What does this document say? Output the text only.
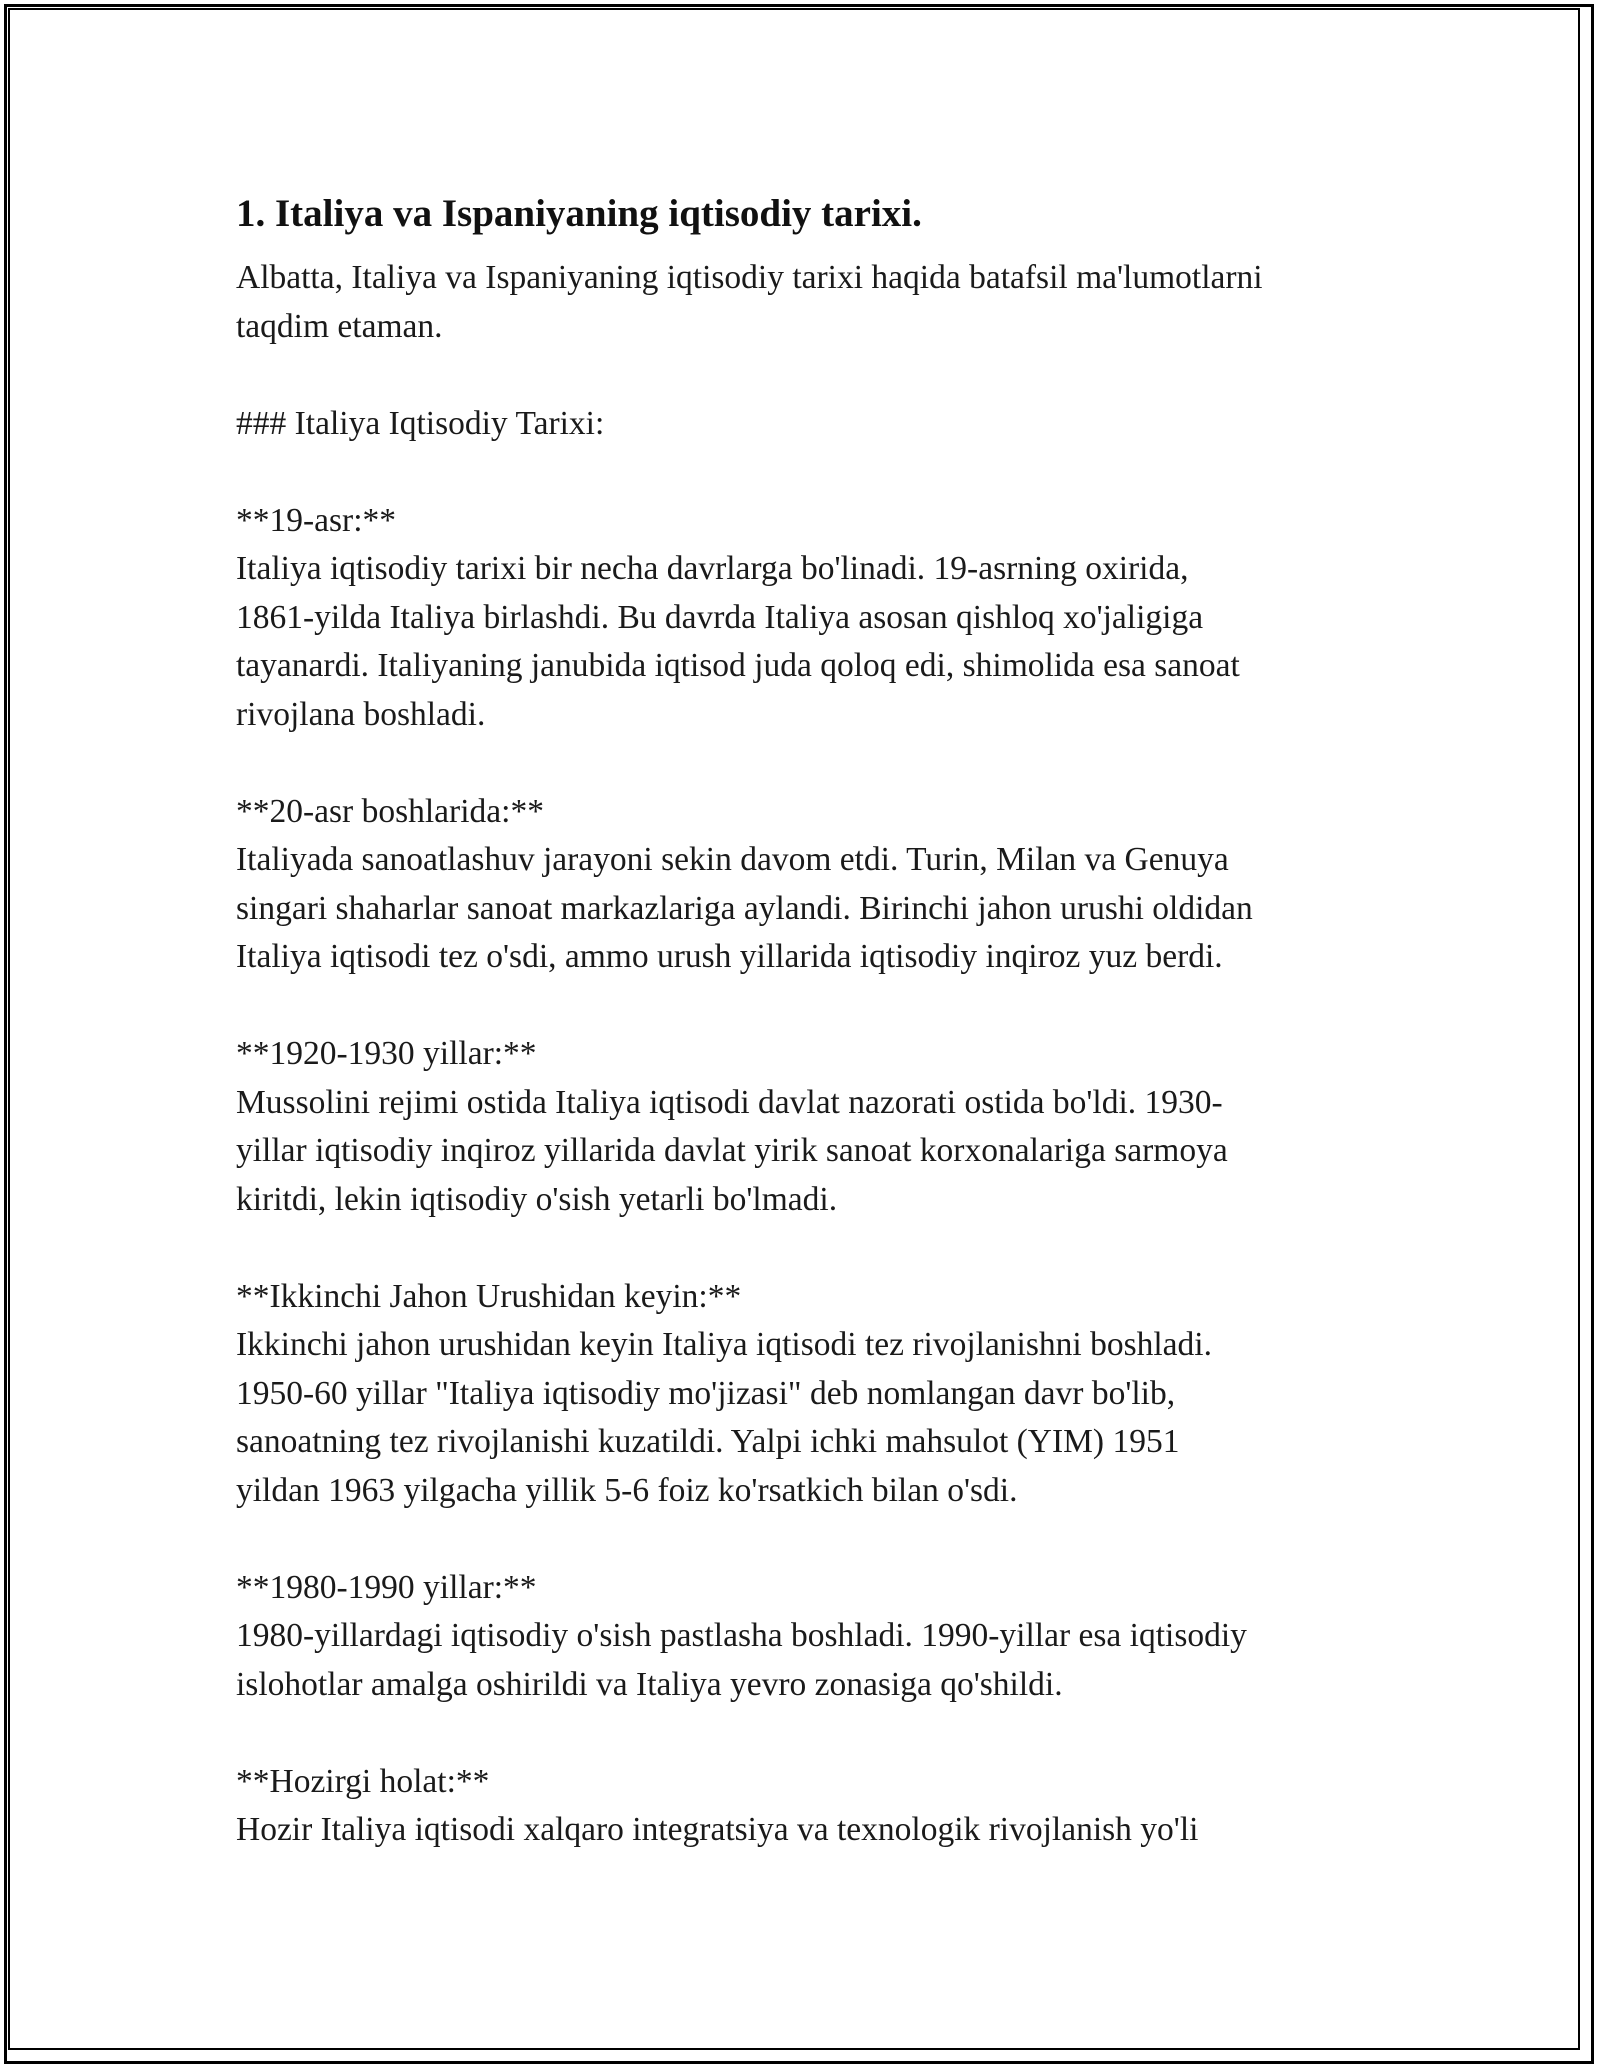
1. Italiya va Ispaniyaning iqtisodiy tarixi.
Albatta, Italiya va Ispaniyaning iqtisodiy tarixi haqida batafsil ma'lumotlarni
taqdim etaman.
### Italiya Iqtisodiy Tarixi:
**19-asr:**
Italiya iqtisodiy tarixi bir necha davrlarga bo'linadi. 19-asrning oxirida,
1861-yilda Italiya birlashdi. Bu davrda Italiya asosan qishloq xo'jaligiga
tayanardi. Italiyaning janubida iqtisod juda qoloq edi, shimolida esa sanoat
rivojlana boshladi.
**20-asr boshlarida:**
Italiyada sanoatlashuv jarayoni sekin davom etdi. Turin, Milan va Genuya
singari shaharlar sanoat markazlariga aylandi. Birinchi jahon urushi oldidan
Italiya iqtisodi tez o'sdi, ammo urush yillarida iqtisodiy inqiroz yuz berdi.
**1920-1930 yillar:**
Mussolini rejimi ostida Italiya iqtisodi davlat nazorati ostida bo'ldi. 1930-
yillar iqtisodiy inqiroz yillarida davlat yirik sanoat korxonalariga sarmoya
kiritdi, lekin iqtisodiy o'sish yetarli bo'lmadi.
**Ikkinchi Jahon Urushidan keyin:**
Ikkinchi jahon urushidan keyin Italiya iqtisodi tez rivojlanishni boshladi.
1950-60 yillar "Italiya iqtisodiy mo'jizasi" deb nomlangan davr bo'lib,
sanoatning tez rivojlanishi kuzatildi. Yalpi ichki mahsulot (YIM) 1951
yildan 1963 yilgacha yillik 5-6 foiz ko'rsatkich bilan o'sdi.
**1980-1990 yillar:**
1980-yillardagi iqtisodiy o'sish pastlasha boshladi. 1990-yillar esa iqtisodiy
islohotlar amalga oshirildi va Italiya yevro zonasiga qo'shildi.
**Hozirgi holat:**
Hozir Italiya iqtisodi xalqaro integratsiya va texnologik rivojlanish yo'li
